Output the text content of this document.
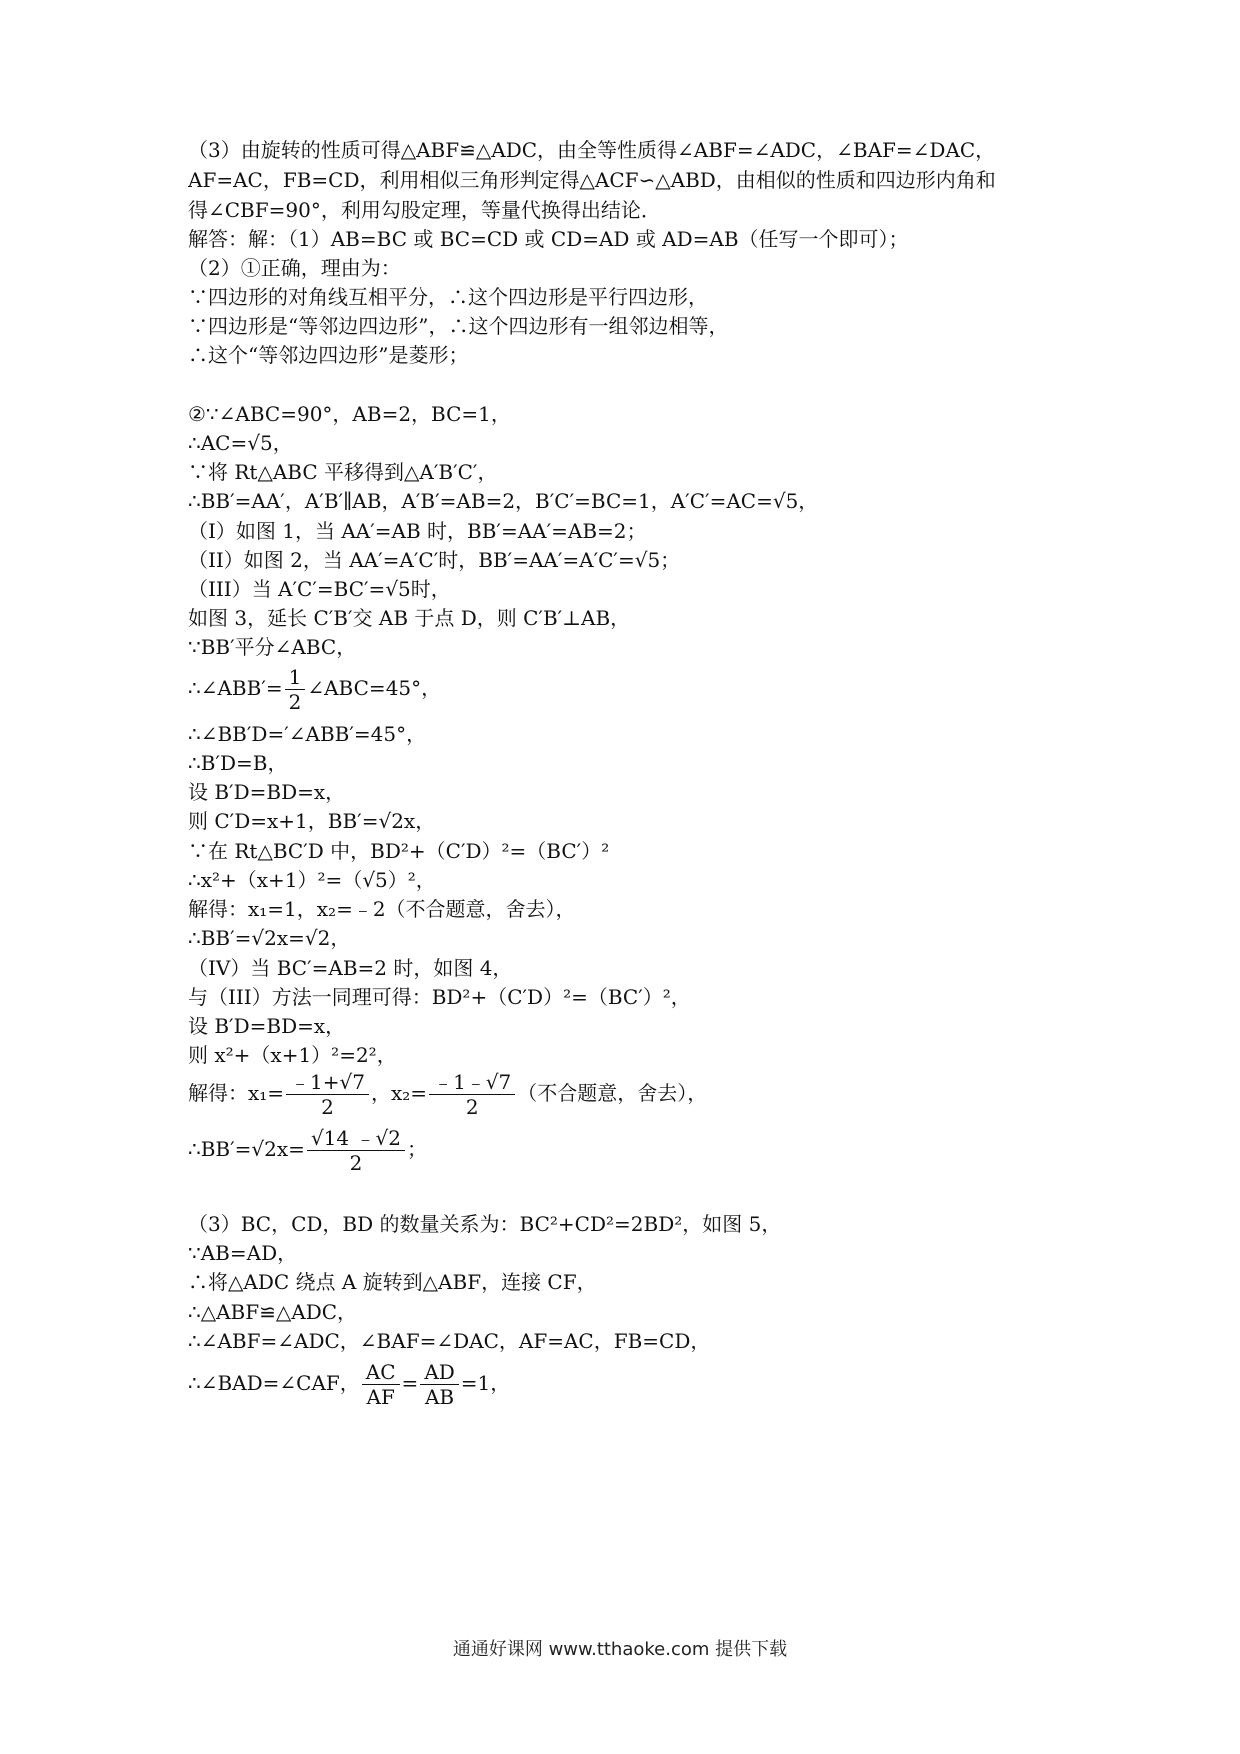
（3）由旋转的性质可得△ABF≌△ADC，由全等性质得∠ABF=∠ADC，∠BAF=∠DAC，
AF=AC，FB=CD，利用相似三角形判定得△ACF∽△ABD，由相似的性质和四边形内角和
得∠CBF=90°，利用勾股定理，等量代换得出结论．
解答：解：（1）AB=BC 或 BC=CD 或 CD=AD 或 AD=AB（任写一个即可）；
（2）①正确，理由为：
∵四边形的对角线互相平分，∴这个四边形是平行四边形，
∵四边形是“等邻边四边形”，∴这个四边形有一组邻边相等，
∴这个“等邻边四边形”是菱形；
②∵∠ABC=90°，AB=2，BC=1，
∴AC=√5，
∵将 Rt△ABC 平移得到△A′B′C′，
∴BB′=AA′，A′B′∥AB，A′B′=AB=2，B′C′=BC=1，A′C′=AC=√5，
（I）如图 1，当 AA′=AB 时，BB′=AA′=AB=2；
（II）如图 2，当 AA′=A′C′时，BB′=AA′=A′C′=√5；
（III）当 A′C′=BC′=√5时，
如图 3，延长 C′B′交 AB 于点 D，则 C′B′⊥AB，
∵BB′平分∠ABC，
∴∠ABB′= $\frac{1}{2}$ ∠ABC=45°，
∴∠BB′D=′∠ABB′=45°，
∴B′D=B，
设 B′D=BD=x，
则 C′D=x+1，BB′=√2x，
∵在 Rt△BC′D 中，BD²+（C′D）²=（BC′）²
∴x²+（x+1）²=（√5）²，
解得：x₁=1，x₂=﹣2（不合题意，舍去），
∴BB′=√2x=√2，
（IV）当 BC′=AB=2 时，如图 4，
与（III）方法一同理可得：BD²+（C′D）²=（BC′）²，
设 B′D=BD=x，
则 x²+（x+1）²=2²，
解得：$x_1= \frac{﹣1+√7}{2}$ ，$x_2= \frac{﹣1﹣√7}{2}$ （不合题意，舍去），
∴BB′=√2x= $\frac{√14 ﹣√2}{2}$ ；
（3）BC，CD，BD 的数量关系为：BC²+CD²=2BD²，如图 5，
∵AB=AD，
∴将△ADC 绕点 A 旋转到△ABF，连接 CF，
∴△ABF≌△ADC，
∴∠ABF=∠ADC，∠BAF=∠DAC，AF=AC，FB=CD，
∴∠BAD=∠CAF， $\frac{AC}{AF} = \frac{AD}{AB} =1$，
通通好课网 www.tthaoke.com 提供下载
